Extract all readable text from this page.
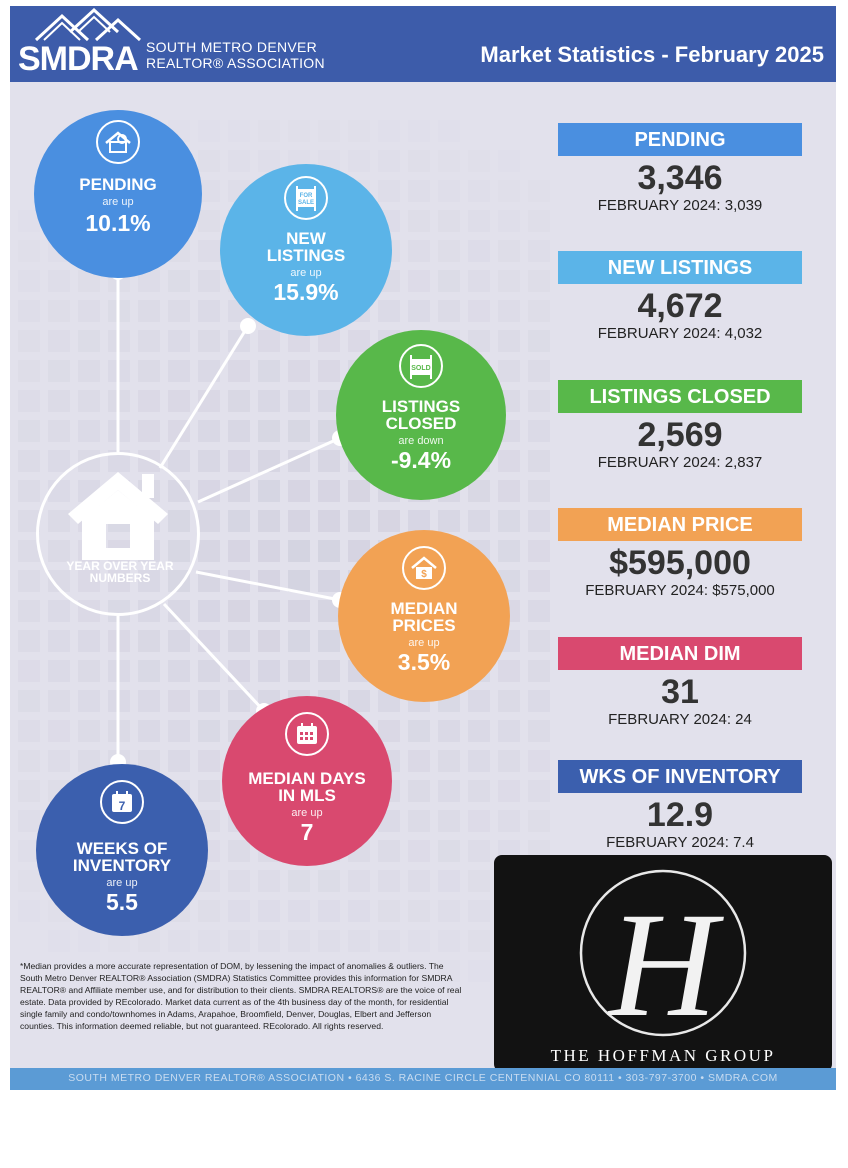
SMDRA SOUTH METRO DENVER
REALTOR® ASSOCIATION	Market Statistics - February 2025
YEAR OVER YEAR NUMBERS
PENDING
are up
10.1%
FOR
SALE
NEW
LISTINGS
are up
15.9%
SOLD
LISTINGS
CLOSED
are down
-9.4%
$
MEDIAN
PRICES
are up
3.5%
MEDIAN DAYS
IN MLS
are up
7
7
WEEKS OF
INVENTORY
are up
5.5
PENDING
3,346
FEBRUARY 2024: 3,039
NEW LISTINGS
4,672
FEBRUARY 2024: 4,032
LISTINGS CLOSED
2,569
FEBRUARY 2024: 2,837
MEDIAN PRICE
$595,000
FEBRUARY 2024: $575,000
MEDIAN DIM
31
FEBRUARY 2024: 24
WKS OF INVENTORY
12.9
FEBRUARY 2024: 7.4
*Median provides a more accurate representation of DOM, by lessening the impact of anomalies & outliers. The South Metro Denver REALTOR® Association (SMDRA) Statistics Committee provides this information for SMDRA REALTOR® and Affiliate member use, and for distribution to their clients. SMDRA REALTORS® are the voice of real estate. Data provided by REcolorado. Market data current as of the 4th business day of the month, for residential single family and condo/townhomes in Adams, Arapahoe, Broomfield, Denver, Douglas, Elbert and Jefferson counties. This information deemed reliable, but not guaranteed. REcolorado. All rights reserved.	H
THE HOFFMAN GROUP
SOUTH METRO DENVER REALTOR® ASSOCIATION • 6436 S. RACINE CIRCLE CENTENNIAL CO 80111 • 303-797-3700 • SMDRA.COM
